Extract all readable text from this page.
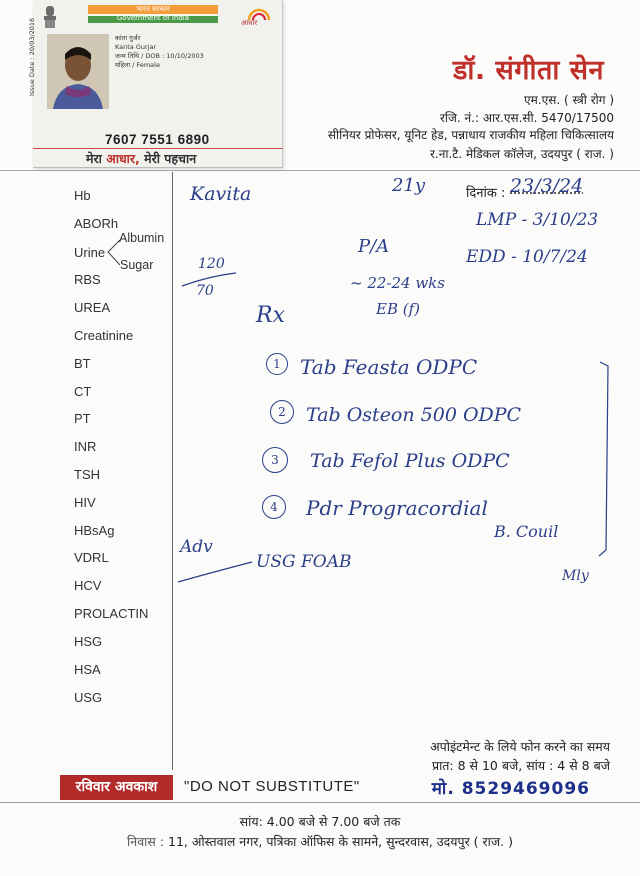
डॉ. संगीता सेन
एम.एस. ( स्त्री रोग )
रजि. नं.: आर.एस.सी. 5470/17500
सीनियर प्रोफेसर, यूनिट हेड, पन्नाधाय राजकीय महिला चिकित्सालय
र.ना.टै. मेडिकल कॉलेज, उदयपुर ( राज. )
Hb
ABORh
Urine
Albumin
Sugar
RBS
UREA
Creatinine
BT
CT
PT
INR
TSH
HIV
HBsAg
VDRL
HCV
PROLACTIN
HSG
HSA
USG
दिनांक :
Kavita	21y	23/3/24
LMP - 3/10/23
EDD - 10/7/24
P/A
~ 22-24 wks
EB (f)
120
70
Rx
1 Tab Feasta ODPC
2	Tab Osteon 500 ODPC
3	Tab Fefol Plus ODPC
4	Pdr Progracordial
B. Couil
Adv
USG FOAB
Mly
अपोइंटमेन्ट के लिये फोन करने का समय
प्रात: 8 से 10 बजे, सांय : 4 से 8 बजे
मो. 8529469096
रविवार अवकाश	"DO NOT SUBSTITUTE"
सांय: 4.00 बजे से 7.00 बजे तक
निवास : 11, ओस्तवाल नगर, पत्रिका ऑफिस के सामने, सुन्दरवास, उदयपुर ( राज. )
भारत सरकार
Government of India
आधार
Issue Date : 20/03/2016	कांता गुर्जर
Kanta Gurjar
जन्म तिथि / DOB : 10/10/2003
महिला / Female
7607 7551 6890
मेरा आधार, मेरी पहचान
